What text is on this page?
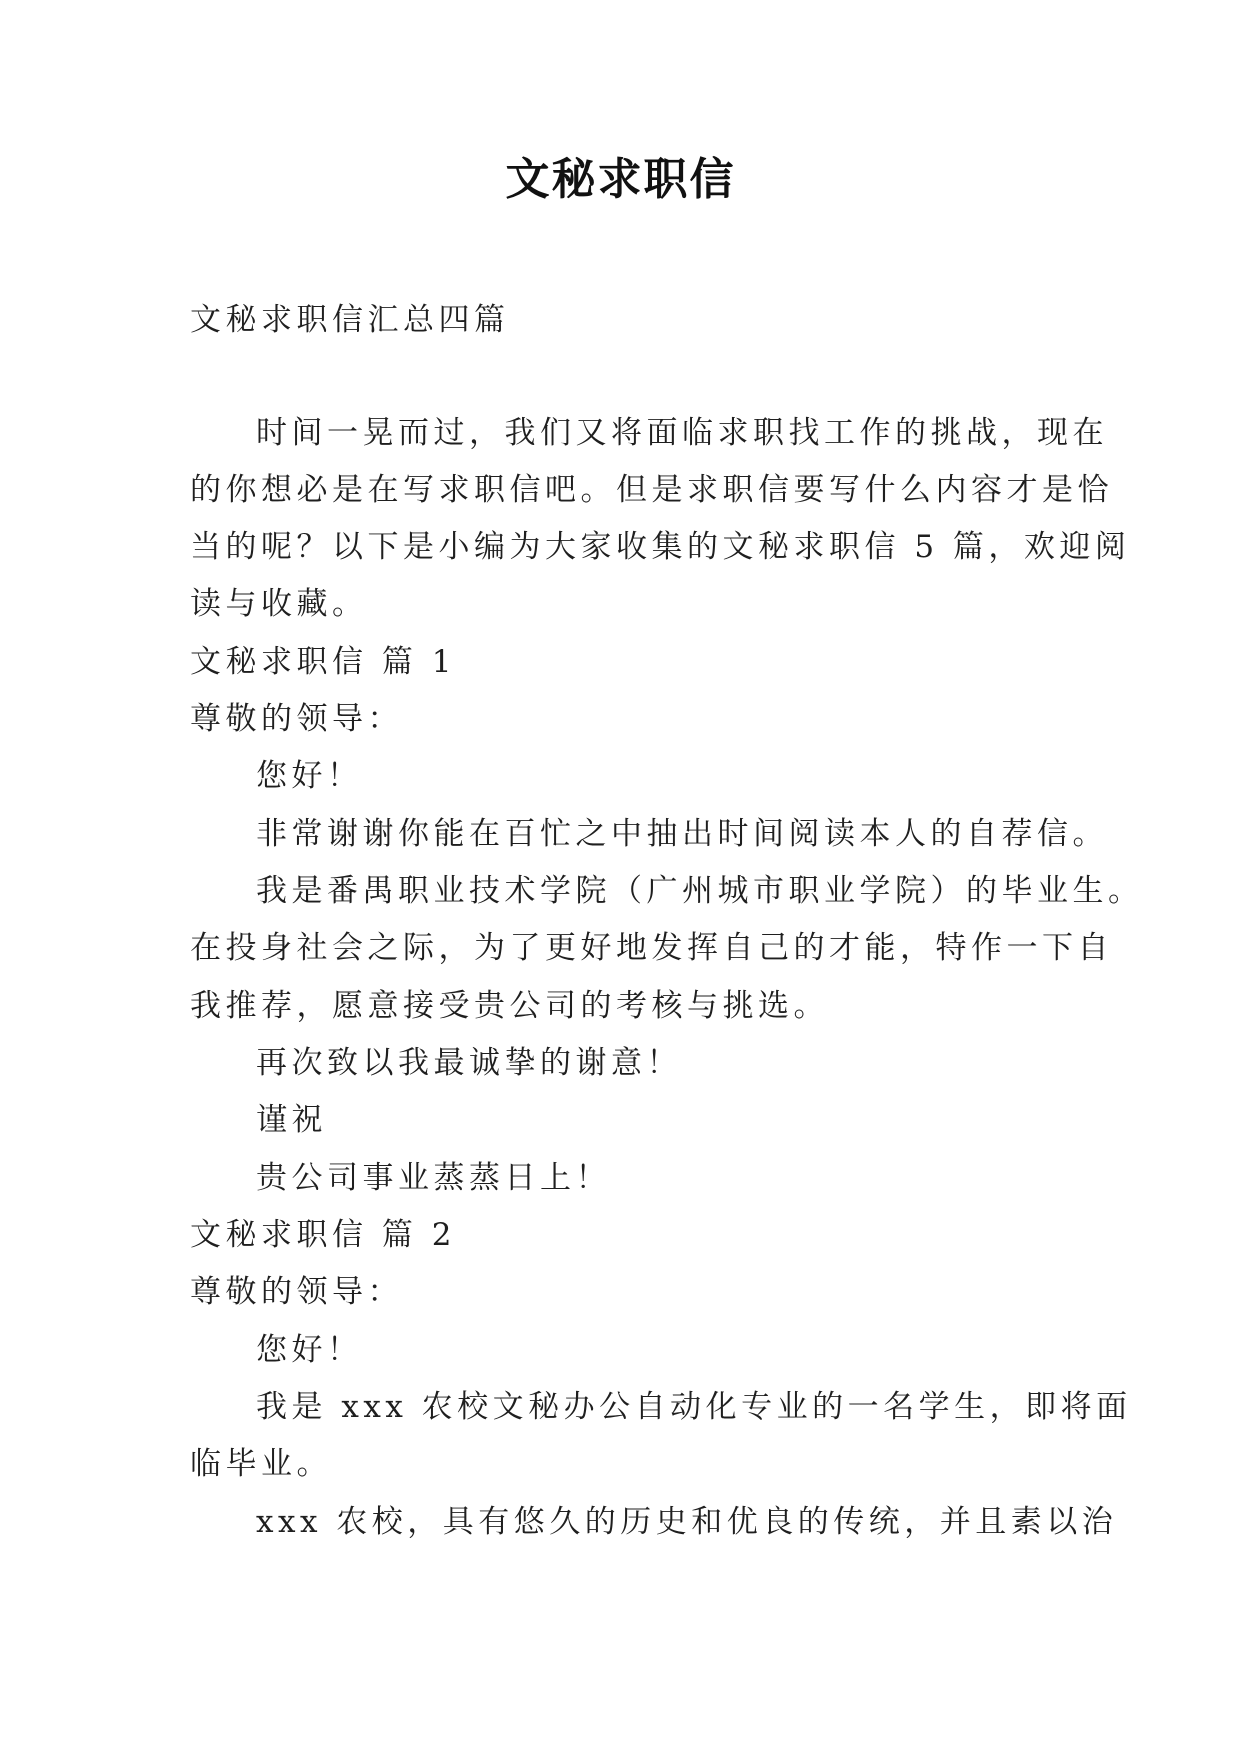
文秘求职信
文秘求职信汇总四篇
时间一晃而过，我们又将面临求职找工作的挑战，现在
的你想必是在写求职信吧。但是求职信要写什么内容才是恰
当的呢？以下是小编为大家收集的文秘求职信 5 篇，欢迎阅
读与收藏。
文秘求职信 篇 1
尊敬的领导：
您好！
非常谢谢你能在百忙之中抽出时间阅读本人的自荐信。
我是番禺职业技术学院（广州城市职业学院）的毕业生。
在投身社会之际，为了更好地发挥自己的才能，特作一下自
我推荐，愿意接受贵公司的考核与挑选。
再次致以我最诚挚的谢意！
谨祝
贵公司事业蒸蒸日上！
文秘求职信 篇 2
尊敬的领导：
您好！
我是 xxx 农校文秘办公自动化专业的一名学生，即将面
临毕业。
xxx 农校，具有悠久的历史和优良的传统，并且素以治
